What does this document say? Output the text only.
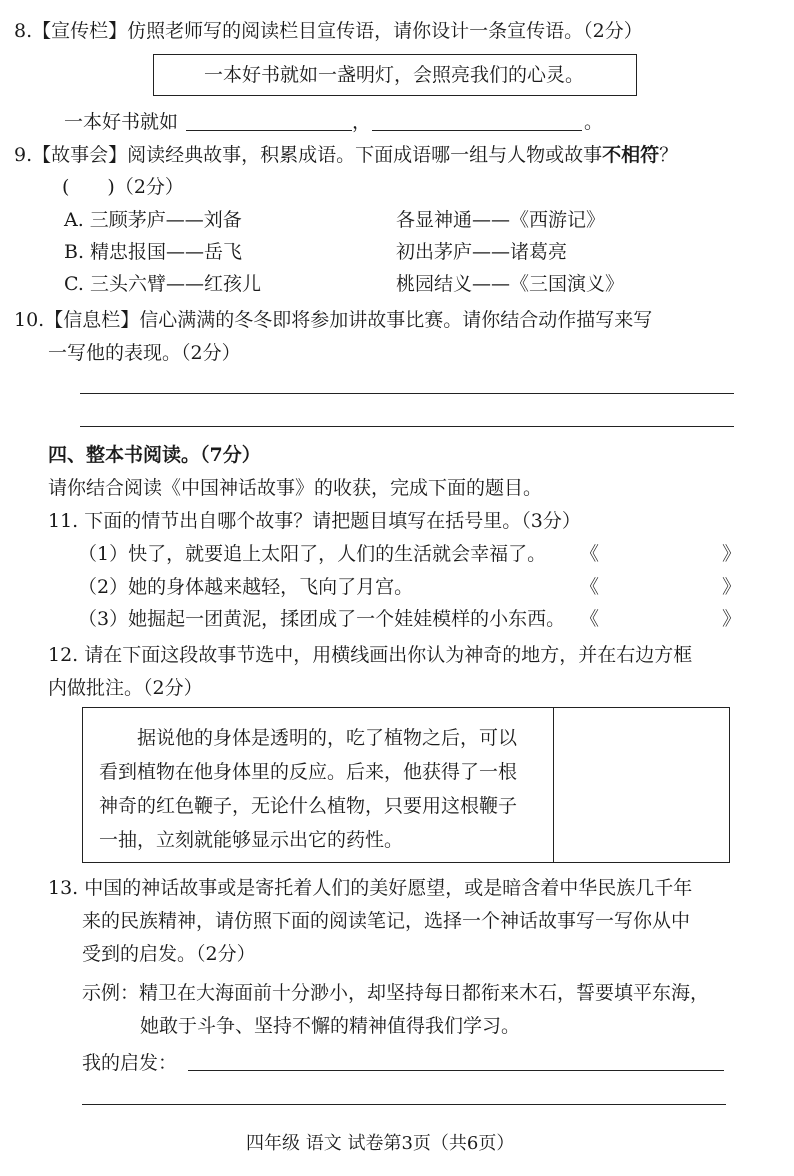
8.【宣传栏】仿照老师写的阅读栏目宣传语，请你设计一条宣传语。（2分）
一本好书就如一盏明灯，会照亮我们的心灵。
一本好书就如	，	。
9.【故事会】阅读经典故事，积累成语。下面成语哪一组与人物或故事不相符？
(　　)（2分）
A. 三顾茅庐——刘备	各显神通——《西游记》
B. 精忠报国——岳飞	初出茅庐——诸葛亮
C. 三头六臂——红孩儿	桃园结义——《三国演义》
10.【信息栏】信心满满的冬冬即将参加讲故事比赛。请你结合动作描写来写
一写他的表现。（2分）
四、整本书阅读。（7分）
请你结合阅读《中国神话故事》的收获，完成下面的题目。
11. 下面的情节出自哪个故事？请把题目填写在括号里。（3分）
（1）快了，就要追上太阳了，人们的生活就会幸福了。 《	》
（2）她的身体越来越轻，飞向了月宫。	《	》
（3）她掘起一团黄泥，揉团成了一个娃娃模样的小东西。 《	》
12. 请在下面这段故事节选中，用横线画出你认为神奇的地方，并在右边方框
内做批注。（2分）
　　据说他的身体是透明的，吃了植物之后，可以
看到植物在他身体里的反应。后来，他获得了一根
神奇的红色鞭子，无论什么植物，只要用这根鞭子
一抽，立刻就能够显示出它的药性。
13. 中国的神话故事或是寄托着人们的美好愿望，或是暗含着中华民族几千年
来的民族精神，请仿照下面的阅读笔记，选择一个神话故事写一写你从中
受到的启发。（2分）
示例：精卫在大海面前十分渺小，却坚持每日都衔来木石，誓要填平东海，
她敢于斗争、坚持不懈的精神值得我们学习。
我的启发：
四年级 语文 试卷第3页（共6页）
